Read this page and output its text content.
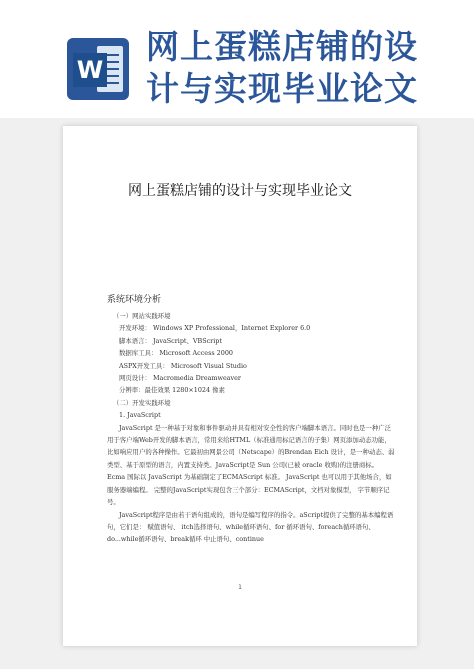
W
网上蛋糕店铺的设
计与实现毕业论文
网上蛋糕店铺的设计与实现毕业论文
系统环境分析
（一）网站实践环境
开发环境： Windows XP Professional，Internet Explorer 6.0
脚本语言： JavaScript、VBScript
数据库工具： Microsoft Access 2000
ASPX开发工具： Microsoft Visual Studio
网页设计： Macromedia Dreamweaver
分辨率：最佳效果 1280×1024 像素
（二）开发实践环境
1. JavaScript
JavaScript 是一种基于对象和事件驱动并具有相对安全性的客户端脚本语言。同时也是一种广泛用于客户端Web开发的脚本语言，常用来给HTML（标准通用标记语言的子集）网页添加动态功能，比如响应用户的各种操作。它最初由网景公司（Netscape）的Brendan Eich 设计，是一种动态、弱类型、基于原型的语言，内置支持类。JavaScript是 Sun 公司(已被 oracle 收购)的注册商标。 Ecma 国际以 JavaScript 为基础制定了ECMAScript 标准。 JavaScript 也可以用于其他场合，如服务器端编程。 完整的JavaScript实现包含三个部分：ECMAScript，文档对象模型， 字节顺序记号。
JavaScript程序是由若干语句组成的，语句是编写程序的指令。aScript提供了完整的基本编程语句，它们是： 赋值语句、 itch选择语句、while循环语句、for 循环语句、foreach循环语句、do...while循环语句、break循环 中止语句、continue
1
